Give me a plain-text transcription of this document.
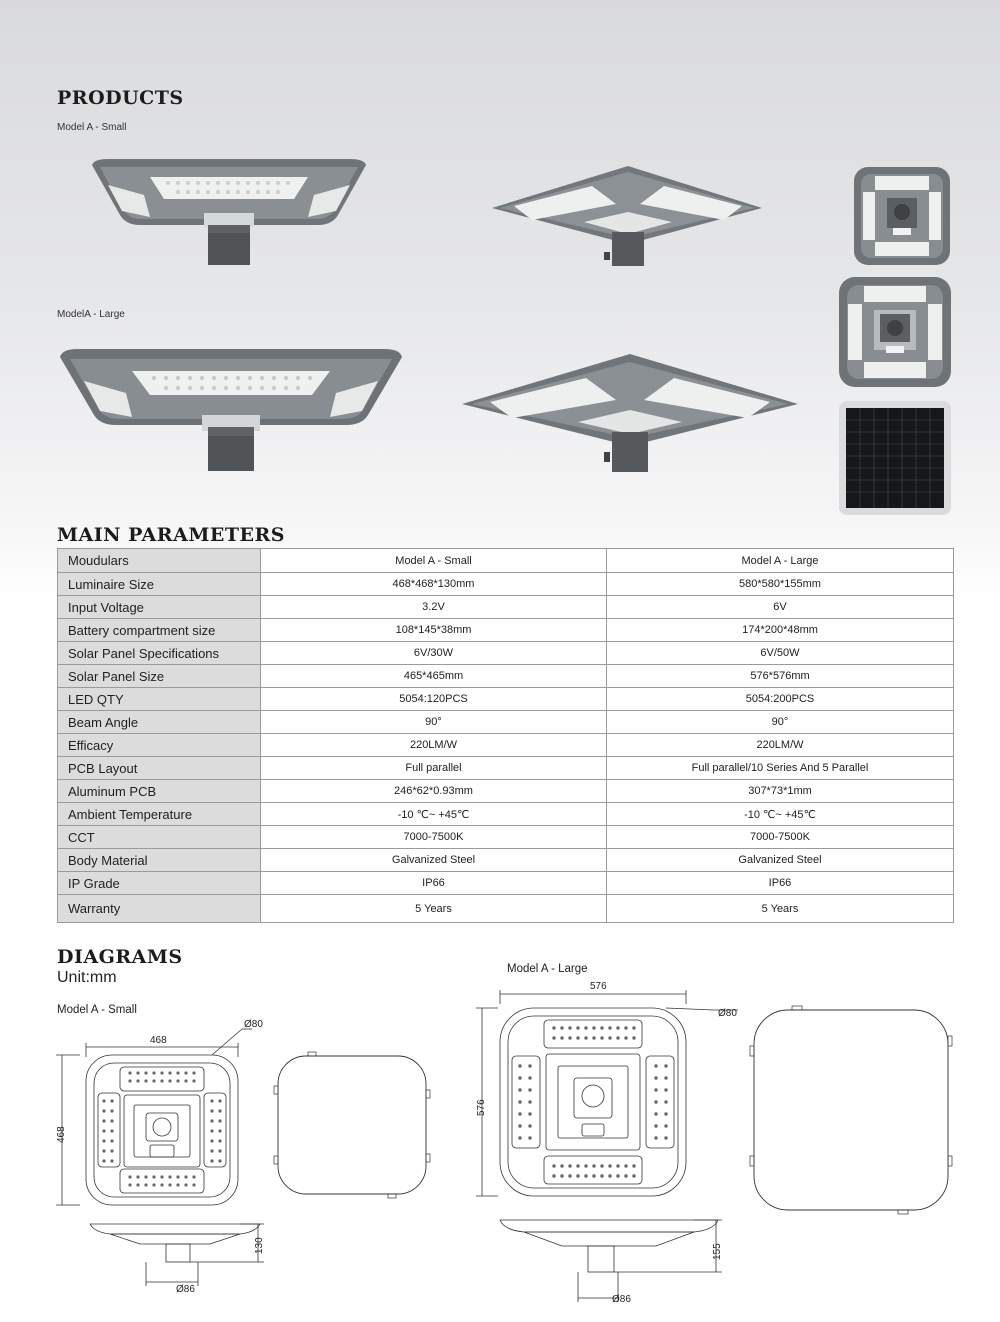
PRODUCTS
Model A - Small
ModelA - Large
MAIN PARAMETERS
Moudulars	Model A - Small	Model A - Large
Luminaire Size	468*468*130mm	580*580*155mm
Input Voltage	3.2V	6V
Battery compartment size	108*145*38mm	174*200*48mm
Solar Panel Specifications	6V/30W	6V/50W
Solar Panel Size	465*465mm	576*576mm
LED QTY	5054:120PCS	5054:200PCS
Beam Angle	90°	90°
Efficacy	220LM/W	220LM/W
PCB Layout	Full parallel	Full parallel/10 Series And 5 Parallel
Aluminum PCB	246*62*0.93mm	307*73*1mm
Ambient Temperature	-10 ℃~ +45℃	-10 ℃~ +45℃
CCT	7000-7500K	7000-7500K
Body Material	Galvanized Steel	Galvanized Steel
IP Grade	IP66	IP66
Warranty	5 Years	5 Years
DIAGRAMS
Unit:mm
Model A - Small
Model A - Large
468
Ø80
468
130
Ø86
576
Ø80
576
155
Ø86
